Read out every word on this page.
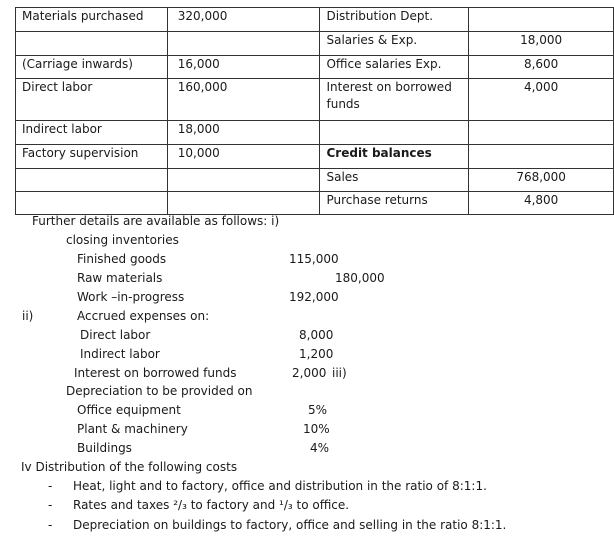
Materials purchased	320,000	Distribution Dept.	
		Salaries & Exp.	18,000
(Carriage inwards)	16,000	Office salaries Exp.	8,600
Direct labor	160,000	Interest on borrowed funds	4,000
Indirect labor	18,000		
Factory supervision	10,000	Credit balances	
		Sales	768,000
		Purchase returns	4,800
Further details are available as follows: i)
closing inventories
Finished goods	115,000
Raw materials	180,000
Work –in-progress	192,000
ii)	Accrued expenses on:
Direct labor	8,000
Indirect labor	1,200
Interest on borrowed funds	2,000 iii)
Depreciation to be provided on
Office equipment	5%
Plant & machinery	10%
Buildings	4%
Iv Distribution of the following costs
- Heat, light and to factory, office and distribution in the ratio of 8:1:1.
- Rates and taxes ²/₃ to factory and ¹/₃ to office.
- Depreciation on buildings to factory, office and selling in the ratio 8:1:1.
